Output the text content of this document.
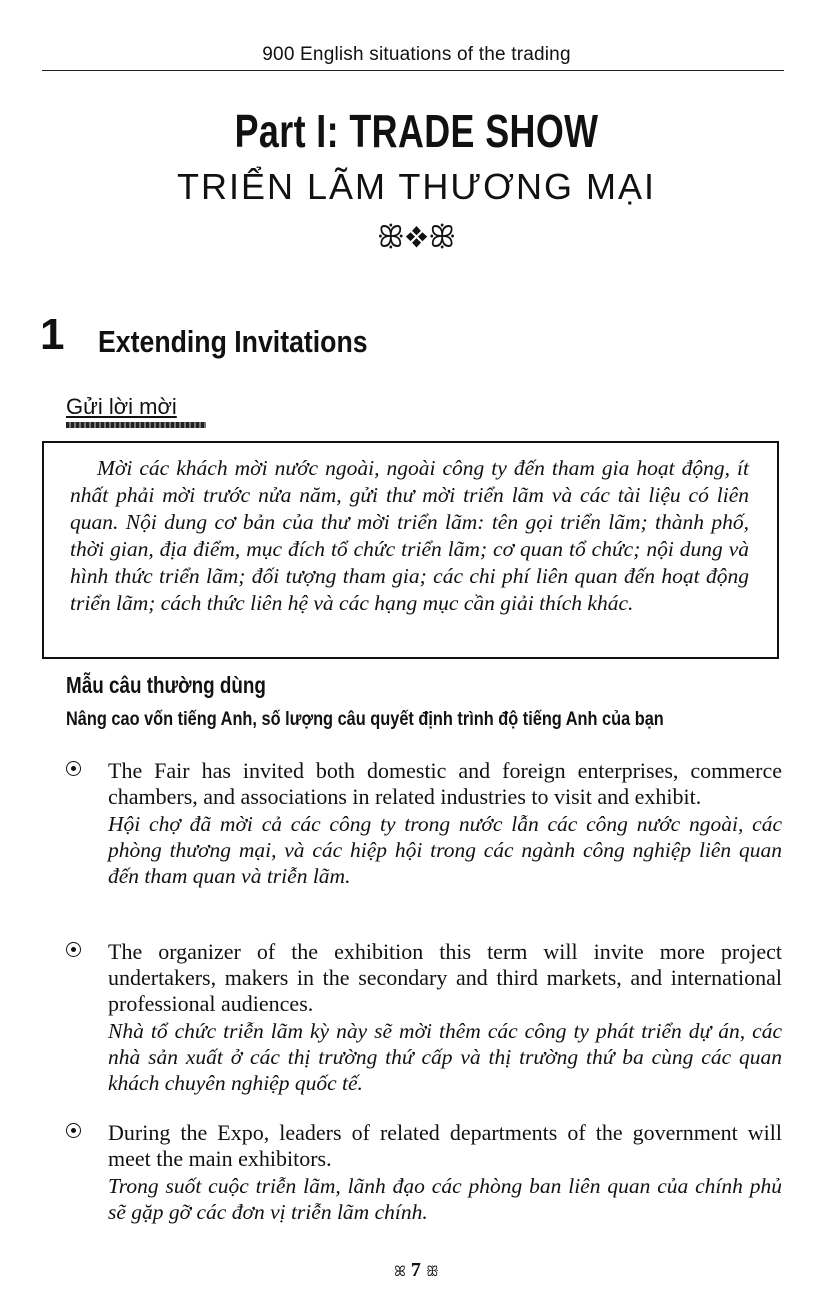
900 English situations of the trading
Part I: TRADE SHOW
TRIỂN LÃM THƯƠNG MẠI
ꕥ❖ꕥ
1 Extending Invitations
Gửi lời mời

Mời các khách mời nước ngoài, ngoài công ty đến tham gia hoạt động, ít nhất phải mời trước nửa năm, gửi thư mời triển lãm và các tài liệu có liên quan. Nội dung cơ bản của thư mời triển lãm: tên gọi triển lãm; thành phố, thời gian, địa điểm, mục đích tổ chức triển lãm; cơ quan tổ chức; nội dung và hình thức triển lãm; đối tượng tham gia; các chi phí liên quan đến hoạt động triển lãm; cách thức liên hệ và các hạng mục cần giải thích khác.

Mẫu câu thường dùng
Nâng cao vốn tiếng Anh, số lượng câu quyết định trình độ tiếng Anh của bạn

The Fair has invited both domestic and foreign enterprises, commerce chambers, and associations in related industries to visit and exhibit.

Hội chợ đã mời cả các công ty trong nước lẫn các công nước ngoài, các phòng thương mại, và các hiệp hội trong các ngành công nghiệp liên quan đến tham quan và triễn lãm.

The organizer of the exhibition this term will invite more project undertakers, makers in the secondary and third markets, and international professional audiences.

Nhà tổ chức triễn lãm kỳ này sẽ mời thêm các công ty phát triển dự án, các nhà sản xuất ở các thị trường thứ cấp và thị trường thứ ba cùng các quan khách chuyên nghiệp quốc tế.

During the Expo, leaders of related departments of the government will meet the main exhibitors.

Trong suốt cuộc triễn lãm, lãnh đạo các phòng ban liên quan của chính phủ sẽ gặp gỡ các đơn vị triễn lãm chính.

ꕤ 7 ꕥ
